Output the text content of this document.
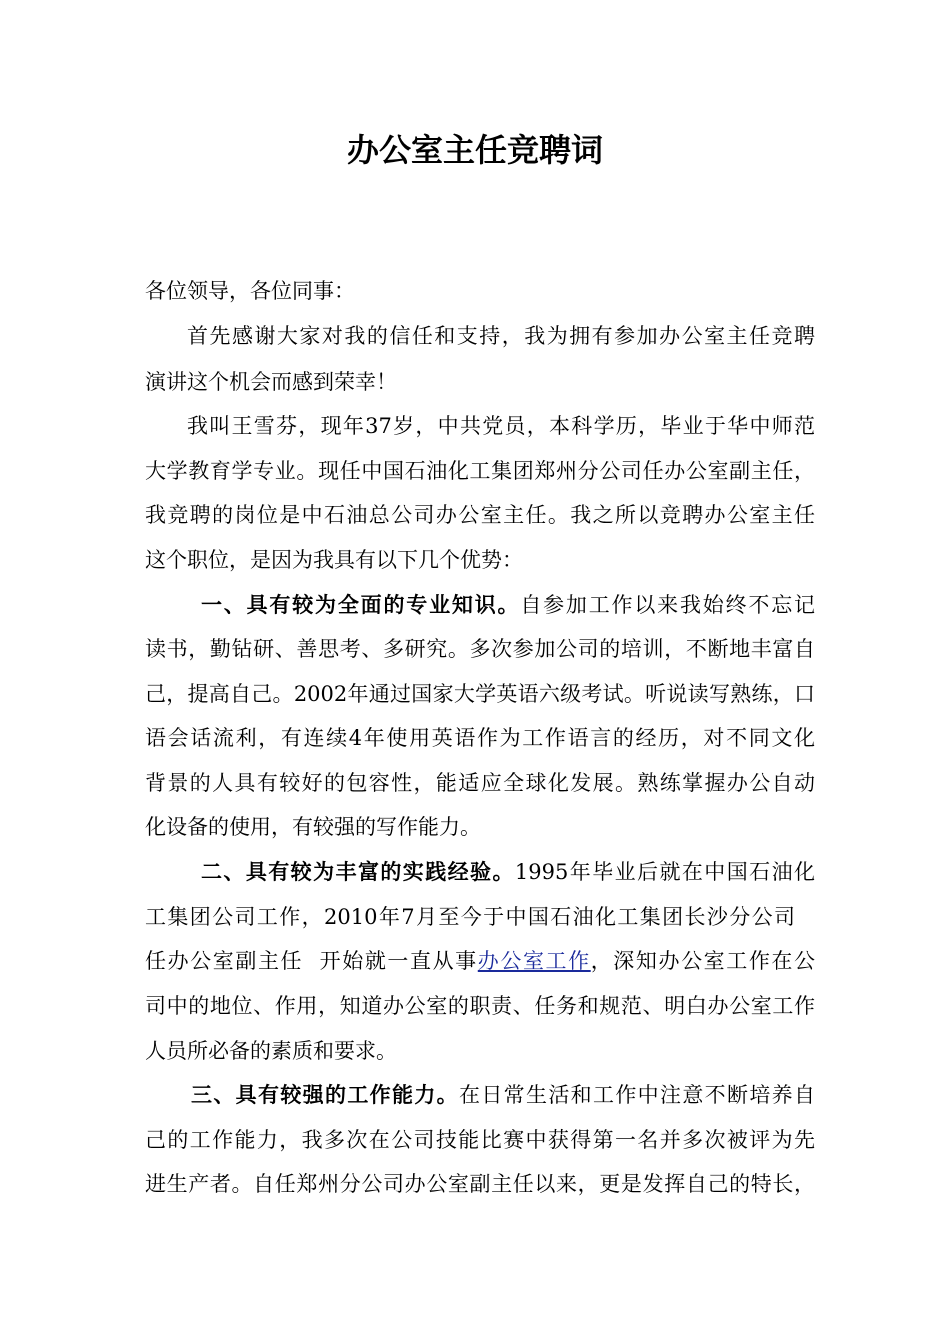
办公室主任竞聘词
各位领导，各位同事：
首先感谢大家对我的信任和支持，我为拥有参加办公室主任竞聘
演讲这个机会而感到荣幸！
我叫王雪芬，现年37岁，中共党员，本科学历，毕业于华中师范
大学教育学专业。现任中国石油化工集团郑州分公司任办公室副主任，
我竞聘的岗位是中石油总公司办公室主任。我之所以竞聘办公室主任
这个职位，是因为我具有以下几个优势：
一、具有较为全面的专业知识。自参加工作以来我始终不忘记
读书，勤钻研、善思考、多研究。多次参加公司的培训，不断地丰富自
己，提高自己。2002年通过国家大学英语六级考试。听说读写熟练，口
语会话流利，有连续4年使用英语作为工作语言的经历，对不同文化
背景的人具有较好的包容性，能适应全球化发展。熟练掌握办公自动
化设备的使用，有较强的写作能力。
二、具有较为丰富的实践经验。1995年毕业后就在中国石油化
工集团公司工作，2010年7月至今于中国石油化工集团长沙分公司
任办公室副主任  开始就一直从事办公室工作，深知办公室工作在公
司中的地位、作用，知道办公室的职责、任务和规范、明白办公室工作
人员所必备的素质和要求。
三、具有较强的工作能力。在日常生活和工作中注意不断培养自
己的工作能力，我多次在公司技能比赛中获得第一名并多次被评为先
进生产者。自任郑州分公司办公室副主任以来，更是发挥自己的特长，
